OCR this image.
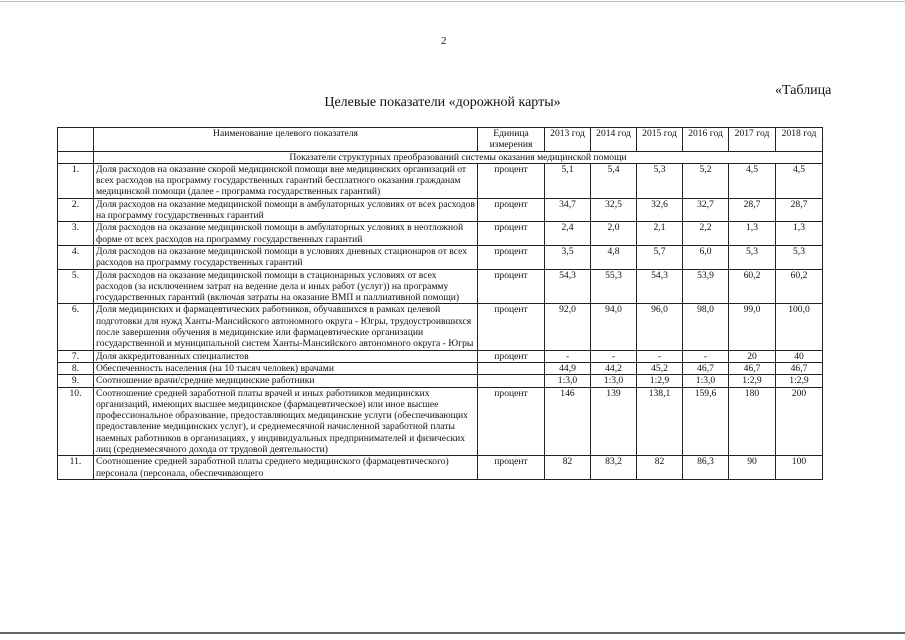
2
«Таблица
Целевые показатели «дорожной карты»
	Наименование целевого показателя	Единица измерения	2013 год	2014 год	2015 год	2016 год	2017 год	2018 год
	Показатели структурных преобразований системы оказания медицинской помощи							
1.	Доля расходов на оказание скорой медицинской помощи вне медицинских организаций от всех расходов на программу государственных гарантий бесплатного оказания гражданам медицинской помощи (далее - программа государственных гарантий)	процент	5,1	5,4	5,3	5,2	4,5	4,5
2.	Доля расходов на оказание медицинской помощи в амбулаторных условиях от всех расходов на программу государственных гарантий	процент	34,7	32,5	32,6	32,7	28,7	28,7
3.	Доля расходов на оказание медицинской помощи в амбулаторных условиях в неотложной форме от всех расходов на программу государственных гарантий	процент	2,4	2,0	2,1	2,2	1,3	1,3
4.	Доля расходов на оказание медицинской помощи в условиях дневных стационаров от всех расходов на программу государственных гарантий	процент	3,5	4,8	5,7	6,0	5,3	5,3
5.	Доля расходов на оказание медицинской помощи в стационарных условиях от всех расходов (за исключением затрат на ведение дела и иных работ (услуг)) на программу государственных гарантий (включая затраты на оказание ВМП и паллиативной помощи)	процент	54,3	55,3	54,3	53,9	60,2	60,2
6.	Доля медицинских и фармацевтических работников, обучавшихся в рамках целевой подготовки для нужд Ханты-Мансийского автономного округа - Югры, трудоустроившихся после завершения обучения в медицинские или фармацевтические организации государственной и муниципальной систем Ханты-Мансийского автономного округа - Югры	процент	92,0	94,0	96,0	98,0	99,0	100,0
7.	Доля аккредитованных специалистов	процент	-	-	-	-	20	40
8.	Обеспеченность населения (на 10 тысяч человек) врачами		44,9	44,2	45,2	46,7	46,7	46,7
9.	Соотношение врачи/средние медицинские работники		1:3,0	1:3,0	1:2,9	1:3,0	1:2,9	1:2,9
10.	Соотношение средней заработной платы врачей и иных работников медицинских организаций, имеющих высшее медицинское (фармацевтическое) или иное высшее профессиональное образование, предоставляющих медицинские услуги (обеспечивающих предоставление медицинских услуг), и среднемесячной начисленной заработной платы наемных работников в организациях, у индивидуальных предпринимателей и физических лиц (среднемесячного дохода от трудовой деятельности)	процент	146	139	138,1	159,6	180	200
11.	Соотношение средней заработной платы среднего медицинского (фармацевтического) персонала (персонала, обеспечивающего	процент	82	83,2	82	86,3	90	100
